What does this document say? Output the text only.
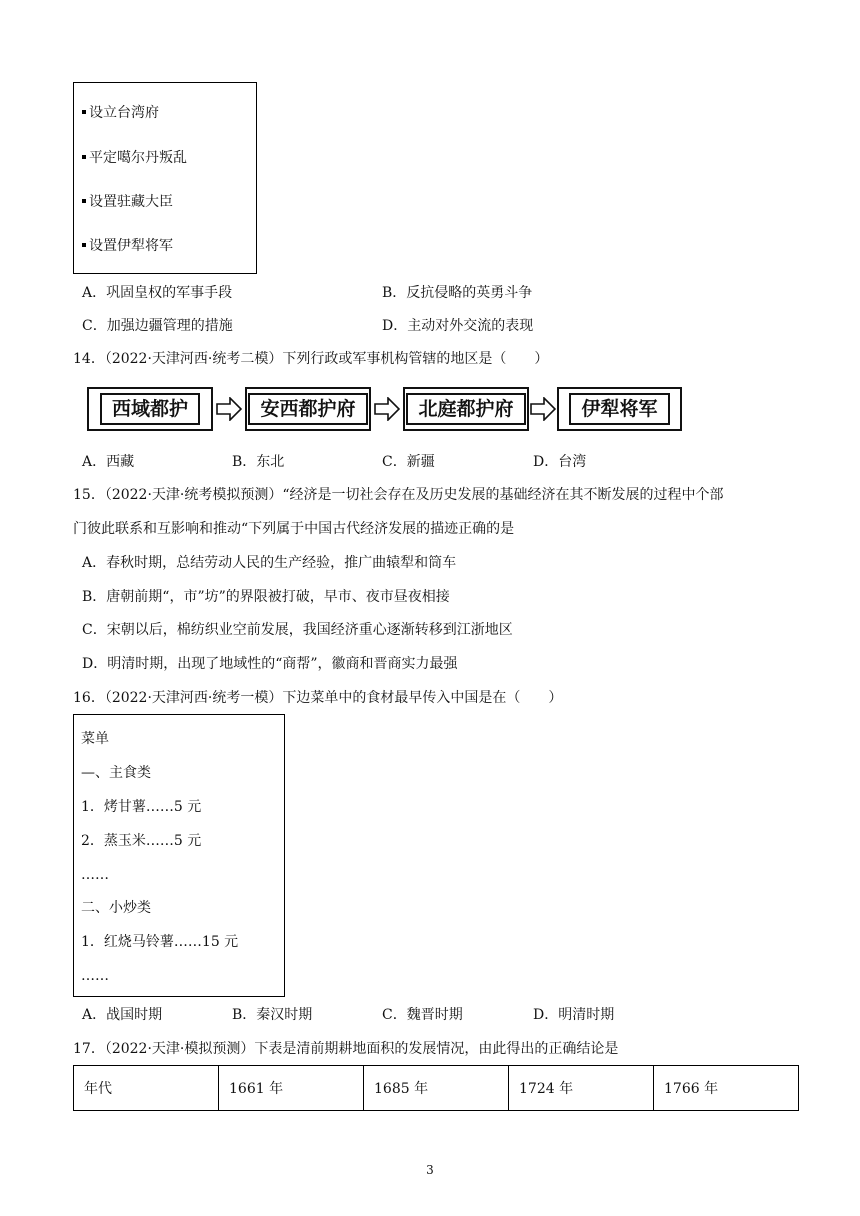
设立台湾府
平定噶尔丹叛乱
设置驻藏大臣
设置伊犁将军
A．巩固皇权的军事手段	B．反抗侵略的英勇斗争
C．加强边疆管理的措施	D．主动对外交流的表现
14．（2022·天津河西·统考二模）下列行政或军事机构管辖的地区是（　　）
西域都护	安西都护府	北庭都护府	伊犁将军
A．西藏	B．东北	C．新疆	D．台湾
15．（2022·天津·统考模拟预测）“经济是一切社会存在及历史发展的基础经济在其不断发展的过程中个部
门彼此联系和互影响和推动“下列属于中国古代经济发展的描迹正确的是
A．春秋时期，总结劳动人民的生产经验，推广曲辕犁和筒车
B．唐朝前期“，市”坊”的界限被打破，早市、夜市昼夜相接
C．宋朝以后，棉纺织业空前发展，我国经济重心逐渐转移到江浙地区
D．明清时期，出现了地域性的“商帮”，徽商和晋商实力最强
16．（2022·天津河西·统考一模）下边菜单中的食材最早传入中国是在（　　）
菜单
—、主食类
1．烤甘薯……5 元
2．蒸玉米……5 元
……
二、小炒类
1．红烧马铃薯……15 元
……
A．战国时期	B．秦汉时期	C．魏晋时期	D．明清时期
17．（2022·天津·模拟预测）下表是清前期耕地面积的发展情况，由此得出的正确结论是
年代	1661 年	1685 年	1724 年	1766 年
3
